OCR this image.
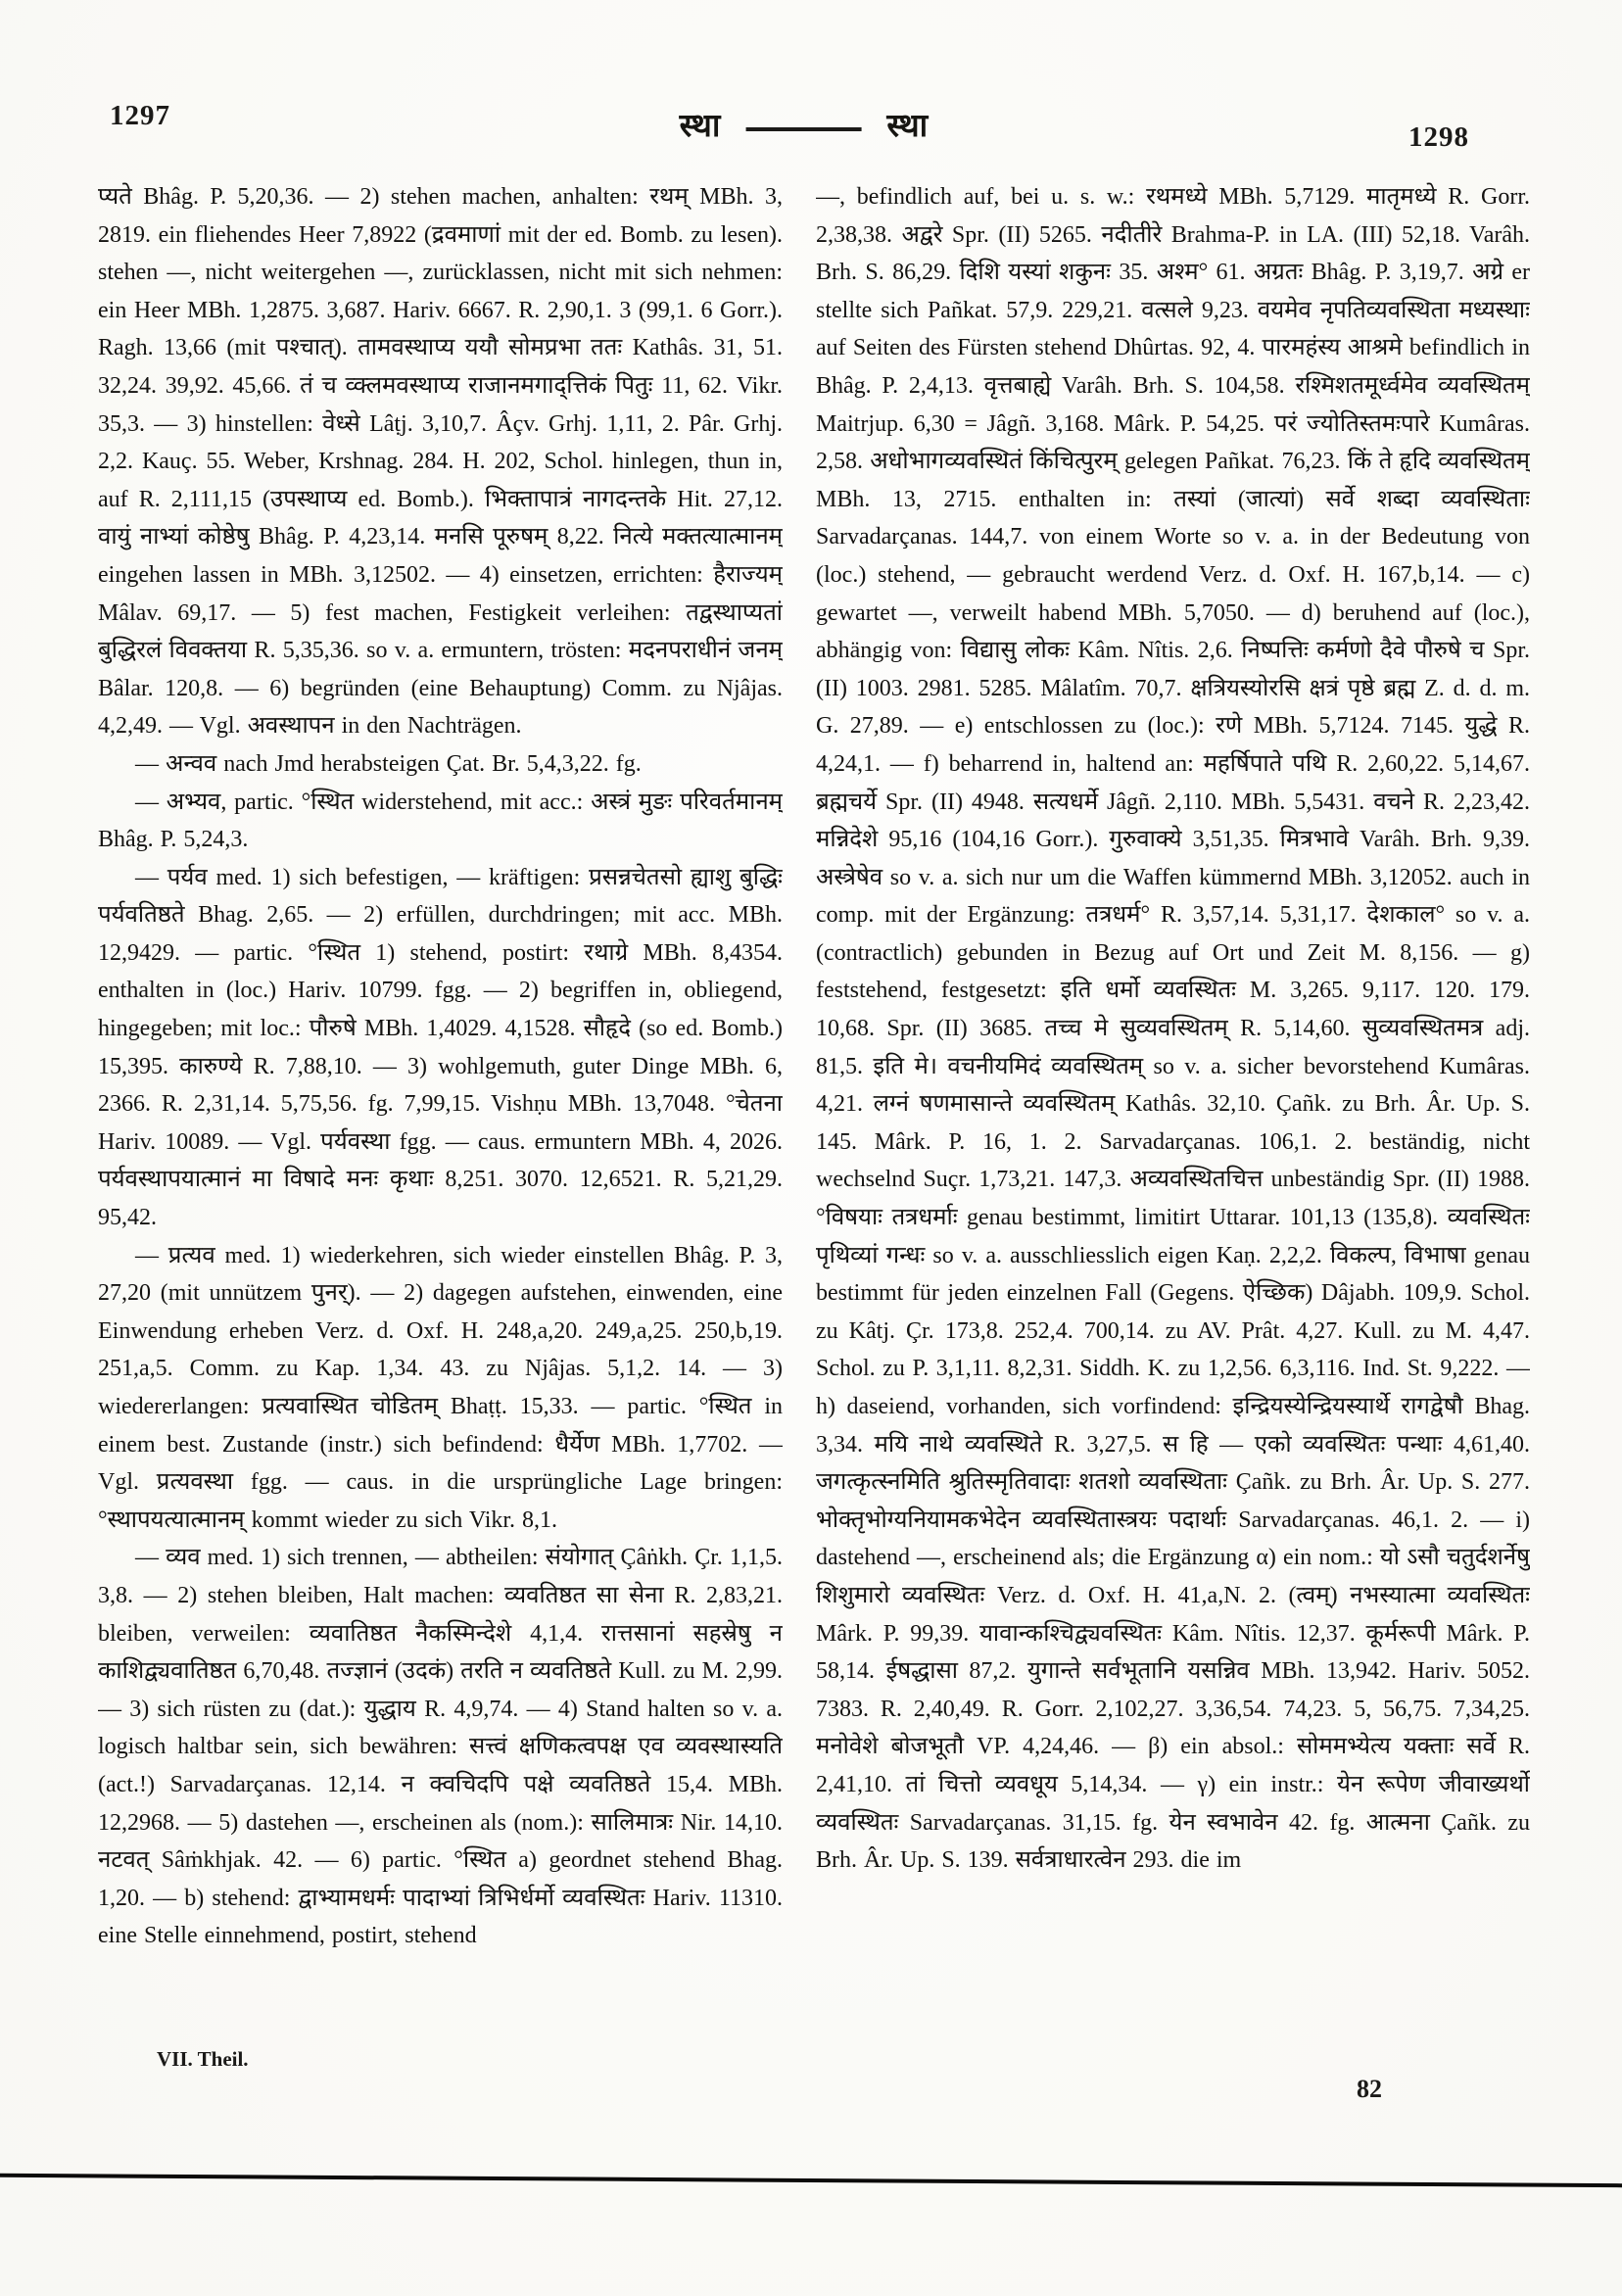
1297	स्था	स्था	1298

प्यते Bhâg. P. 5,20,36. — 2) stehen machen, anhalten: रथम् MBh. 3, 2819. ein fliehendes Heer 7,8922 (द्रवमाणां mit der ed. Bomb. zu lesen). stehen —, nicht weitergehen —, zurücklassen, nicht mit sich nehmen: ein Heer MBh. 1,2875. 3,687. Hariv. 6667. R. 2,90,1. 3 (99,1. 6 Gorr.). Ragh. 13,66 (mit पश्चात्). तामवस्थाप्य ययौ सोमप्रभा ततः Kathâs. 31, 51. 32,24. 39,92. 45,66. तं च व्क्लमवस्थाप्य राजानमगाद्त्तिकं पितुः 11, 62. Vikr. 35,3. — 3) hinstellen: वेध्से Lâṭj. 3,10,7. Âçv. Grhj. 1,11, 2. Pâr. Grhj. 2,2. Kauç. 55. Weber, Krshnag. 284. H. 202, Schol. hinlegen, thun in, auf R. 2,111,15 (उपस्थाप्य ed. Bomb.). भिक्तापात्रं नागदन्तके Hit. 27,12. वायुं नाभ्यां कोष्ठेषु Bhâg. P. 4,23,14. मनसि पूरुषम् 8,22. नित्ये मक्तत्यात्मानम् eingehen lassen in MBh. 3,12502. — 4) einsetzen, errichten: हैराज्यम् Mâlav. 69,17. — 5) fest machen, Festigkeit verleihen: तद्वस्थाप्यतां बुद्धिरलं विवक्तया R. 5,35,36. so v. a. ermuntern, trösten: मदनपराधीनं जनम् Bâlar. 120,8. — 6) begründen (eine Behauptung) Comm. zu Njâjas. 4,2,49. — Vgl. अवस्थापन in den Nachträgen.

— अन्वव nach Jmd herabsteigen Çat. Br. 5,4,3,22. fg.

— अभ्यव, partic. °स्थित widerstehend, mit acc.: अस्त्रं मुङः परिवर्तमानम् Bhâg. P. 5,24,3.

— पर्यव med. 1) sich befestigen, — kräftigen: प्रसन्नचेतसो ह्याशु बुद्धिः पर्यवतिष्ठते Bhag. 2,65. — 2) erfüllen, durchdringen; mit acc. MBh. 12,9429. — partic. °स्थित 1) stehend, postirt: रथाग्रे MBh. 8,4354. enthalten in (loc.) Hariv. 10799. fgg. — 2) begriffen in, obliegend, hingegeben; mit loc.: पौरुषे MBh. 1,4029. 4,1528. सौहृदे (so ed. Bomb.) 15,395. कारुण्ये R. 7,88,10. — 3) wohlgemuth, guter Dinge MBh. 6, 2366. R. 2,31,14. 5,75,56. fg. 7,99,15. Vishṇu MBh. 13,7048. °चेतना Hariv. 10089. — Vgl. पर्यवस्था fgg. — caus. ermuntern MBh. 4, 2026. पर्यवस्थापयात्मानं मा विषादे मनः कृथाः 8,251. 3070. 12,6521. R. 5,21,29. 95,42.

— प्रत्यव med. 1) wiederkehren, sich wieder einstellen Bhâg. P. 3, 27,20 (mit unnützem पुनर्). — 2) dagegen aufstehen, einwenden, eine Einwendung erheben Verz. d. Oxf. H. 248,a,20. 249,a,25. 250,b,19. 251,a,5. Comm. zu Kap. 1,34. 43. zu Njâjas. 5,1,2. 14. — 3) wiedererlangen: प्रत्यवास्थित चोडितम् Bhaṭṭ. 15,33. — partic. °स्थित in einem best. Zustande (instr.) sich befindend: धैर्येण MBh. 1,7702. — Vgl. प्रत्यवस्था fgg. — caus. in die ursprüngliche Lage bringen: °स्थापयत्यात्मानम् kommt wieder zu sich Vikr. 8,1.

— व्यव med. 1) sich trennen, — abtheilen: संयोगात् Çâṅkh. Çr. 1,1,5. 3,8. — 2) stehen bleiben, Halt machen: व्यवतिष्ठत सा सेना R. 2,83,21. bleiben, verweilen: व्यवातिष्ठत नैकस्मिन्देशे 4,1,4. रात्तसानां सहस्रेषु न काशिद्व्यवातिष्ठत 6,70,48. तज्ज्ञानं (उदकं) तरति न व्यवतिष्ठते Kull. zu M. 2,99. — 3) sich rüsten zu (dat.): युद्धाय R. 4,9,74. — 4) Stand halten so v. a. logisch haltbar sein, sich bewähren: सत्त्वं क्षणिकत्वपक्ष एव व्यवस्थास्यति (act.!) Sarvadarçanas. 12,14. न क्वचिदपि पक्षे व्यवतिष्ठते 15,4. MBh. 12,2968. — 5) dastehen —, erscheinen als (nom.): सालिमात्रः Nir. 14,10. नटवत् Sâṁkhjak. 42. — 6) partic. °स्थित a) geordnet stehend Bhag. 1,20. — b) stehend: द्वाभ्यामधर्मः पादाभ्यां त्रिभिर्धर्मो व्यवस्थितः Hariv. 11310. eine Stelle einnehmend, postirt, stehend

—, befindlich auf, bei u. s. w.: रथमध्ये MBh. 5,7129. मातृमध्ये R. Gorr. 2,38,38. अद्वरे Spr. (II) 5265. नदीतीरे Brahma-P. in LA. (III) 52,18. Varâh. Brh. S. 86,29. दिशि यस्यां शकुनः 35. अश्म° 61. अग्रतः Bhâg. P. 3,19,7. अग्रे er stellte sich Pañkat. 57,9. 229,21. वत्सले 9,23. वयमेव नृपतिव्यवस्थिता मध्यस्थाः auf Seiten des Fürsten stehend Dhûrtas. 92, 4. पारमहंस्य आश्रमे befindlich in Bhâg. P. 2,4,13. वृत्तबाह्ये Varâh. Brh. S. 104,58. रश्मिशतमूर्ध्वमेव व्यवस्थितम् Maitrjup. 6,30 = Jâgñ. 3,168. Mârk. P. 54,25. परं ज्योतिस्तमःपारे Kumâras. 2,58. अधोभागव्यवस्थितं किंचित्पुरम् gelegen Pañkat. 76,23. किं ते हृदि व्यवस्थितम् MBh. 13, 2715. enthalten in: तस्यां (जात्यां) सर्वे शब्दा व्यवस्थिताः Sarvadarçanas. 144,7. von einem Worte so v. a. in der Bedeutung von (loc.) stehend, — gebraucht werdend Verz. d. Oxf. H. 167,b,14. — c) gewartet —, verweilt habend MBh. 5,7050. — d) beruhend auf (loc.), abhängig von: विद्यासु लोकः Kâm. Nîtis. 2,6. निष्पत्तिः कर्मणो दैवे पौरुषे च Spr. (II) 1003. 2981. 5285. Mâlatîm. 70,7. क्षत्रियस्योरसि क्षत्रं पृष्ठे ब्रह्म Z. d. d. m. G. 27,89. — e) entschlossen zu (loc.): रणे MBh. 5,7124. 7145. युद्धे R. 4,24,1. — f) beharrend in, haltend an: महर्षिपाते पथि R. 2,60,22. 5,14,67. ब्रह्मचर्ये Spr. (II) 4948. सत्यधर्मे Jâgñ. 2,110. MBh. 5,5431. वचने R. 2,23,42. मन्निदेशे 95,16 (104,16 Gorr.). गुरुवाक्ये 3,51,35. मित्रभावे Varâh. Brh. 9,39. अस्त्रेषेव so v. a. sich nur um die Waffen kümmernd MBh. 3,12052. auch in comp. mit der Ergänzung: तत्रधर्म° R. 3,57,14. 5,31,17. देशकाल° so v. a. (contractlich) gebunden in Bezug auf Ort und Zeit M. 8,156. — g) feststehend, festgesetzt: इति धर्मो व्यवस्थितः M. 3,265. 9,117. 120. 179. 10,68. Spr. (II) 3685. तच्च मे सुव्यवस्थितम् R. 5,14,60. सुव्यवस्थितमत्र adj. 81,5. इति मे। वचनीयमिदं व्यवस्थितम् so v. a. sicher bevorstehend Kumâras. 4,21. लग्नं षणमासान्ते व्यवस्थितम् Kathâs. 32,10. Çañk. zu Brh. Âr. Up. S. 145. Mârk. P. 16, 1. 2. Sarvadarçanas. 106,1. 2. beständig, nicht wechselnd Suçr. 1,73,21. 147,3. अव्यवस्थितचित्त unbeständig Spr. (II) 1988. °विषयाः तत्रधर्माः genau bestimmt, limitirt Uttarar. 101,13 (135,8). व्यवस्थितः पृथिव्यां गन्धः so v. a. ausschliesslich eigen Kaṇ. 2,2,2. विकल्प, विभाषा genau bestimmt für jeden einzelnen Fall (Gegens. ऐच्छिक) Dâjabh. 109,9. Schol. zu Kâtj. Çr. 173,8. 252,4. 700,14. zu AV. Prât. 4,27. Kull. zu M. 4,47. Schol. zu P. 3,1,11. 8,2,31. Siddh. K. zu 1,2,56. 6,3,116. Ind. St. 9,222. — h) daseiend, vorhanden, sich vorfindend: इन्द्रियस्येन्द्रियस्यार्थे रागद्वेषौ Bhag. 3,34. मयि नाथे व्यवस्थिते R. 3,27,5. स हि — एको व्यवस्थितः पन्थाः 4,61,40. जगत्कृत्स्नमिति श्रुतिस्मृतिवादाः शतशो व्यवस्थिताः Çañk. zu Brh. Âr. Up. S. 277. भोक्तृभोग्यनियामकभेदेन व्यवस्थितास्त्रयः पदार्थाः Sarvadarçanas. 46,1. 2. — i) dastehend —, erscheinend als; die Ergänzung α) ein nom.: यो ऽसौ चतुर्दशर्नेषु शिशुमारो व्यवस्थितः Verz. d. Oxf. H. 41,a,N. 2. (त्वम्) नभस्यात्मा व्यवस्थितः Mârk. P. 99,39. यावान्कश्चिद्व्यवस्थितः Kâm. Nîtis. 12,37. कूर्मरूपी Mârk. P. 58,14. ईषद्धासा 87,2. युगान्ते सर्वभूतानि यसन्निव MBh. 13,942. Hariv. 5052. 7383. R. 2,40,49. R. Gorr. 2,102,27. 3,36,54. 74,23. 5, 56,75. 7,34,25. मनोवेशे बोजभूतौ VP. 4,24,46. — β) ein absol.: सोममभ्येत्य यक्ताः सर्वे R. 2,41,10. तां चित्तो व्यवधूय 5,14,34. — γ) ein instr.: येन रूपेण जीवाख्यर्थो व्यवस्थितः Sarvadarçanas. 31,15. fg. येन स्वभावेन 42. fg. आत्मना Çañk. zu Brh. Âr. Up. S. 139. सर्वत्राधारत्वेन 293. die im

VII. Theil.
82
